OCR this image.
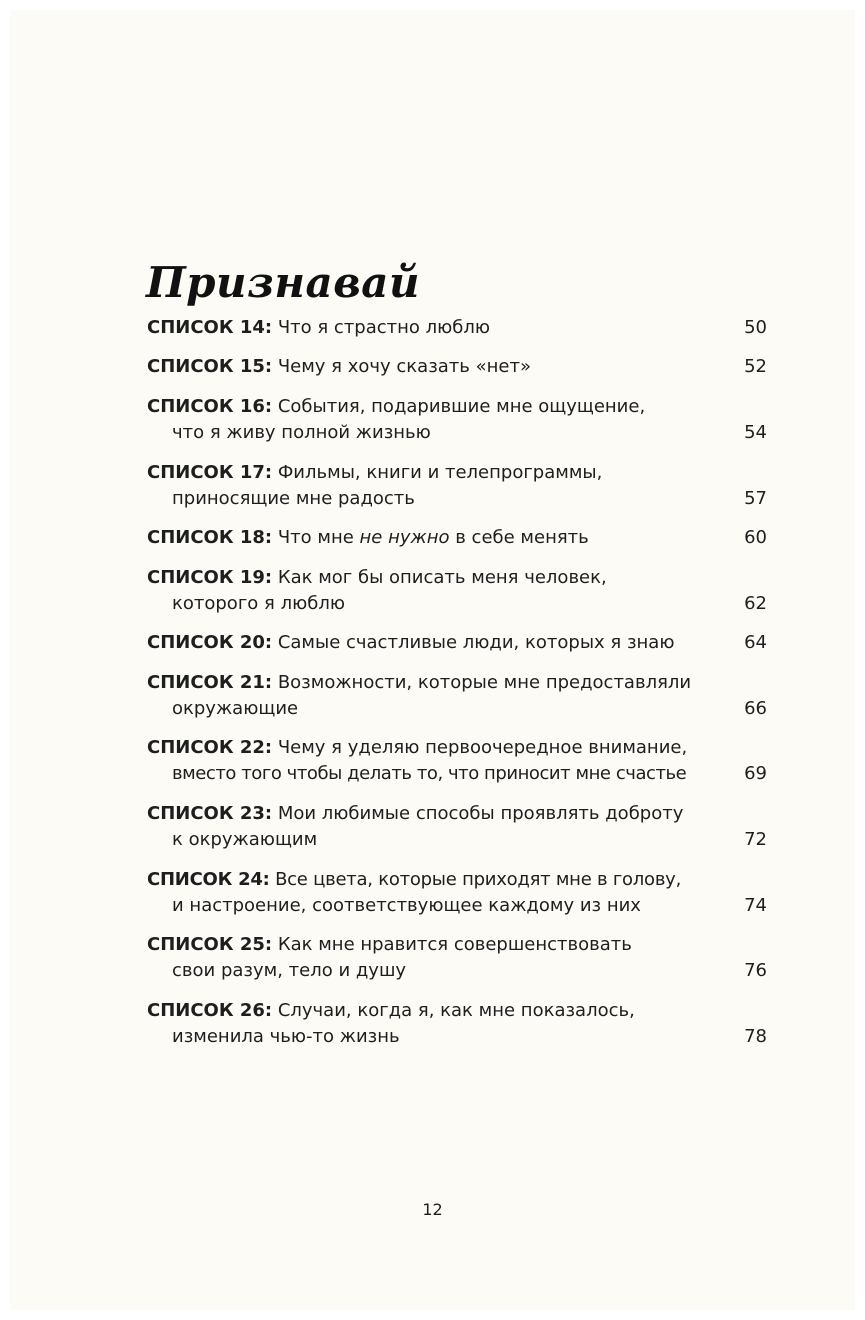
Признавай
СПИСОК 14: Что я страстно люблю	50
СПИСОК 15: Чему я хочу сказать «нет»	52
СПИСОК 16: События, подарившие мне ощущение,
что я живу полной жизнью	54
СПИСОК 17: Фильмы, книги и телепрограммы,
приносящие мне радость	57
СПИСОК 18: Что мне не нужно в себе менять	60
СПИСОК 19: Как мог бы описать меня человек,
которого я люблю	62
СПИСОК 20: Самые счастливые люди, которых я знаю	64
СПИСОК 21: Возможности, которые мне предоставляли
окружающие	66
СПИСОК 22: Чему я уделяю первоочередное внимание,
вместо того чтобы делать то, что приносит мне счастье	69
СПИСОК 23: Мои любимые способы проявлять доброту
к окружающим	72
СПИСОК 24: Все цвета, которые приходят мне в голову,
и настроение, соответствующее каждому из них	74
СПИСОК 25: Как мне нравится совершенствовать
свои разум, тело и душу	76
СПИСОК 26: Случаи, когда я, как мне показалось,
изменила чью-то жизнь	78
12
